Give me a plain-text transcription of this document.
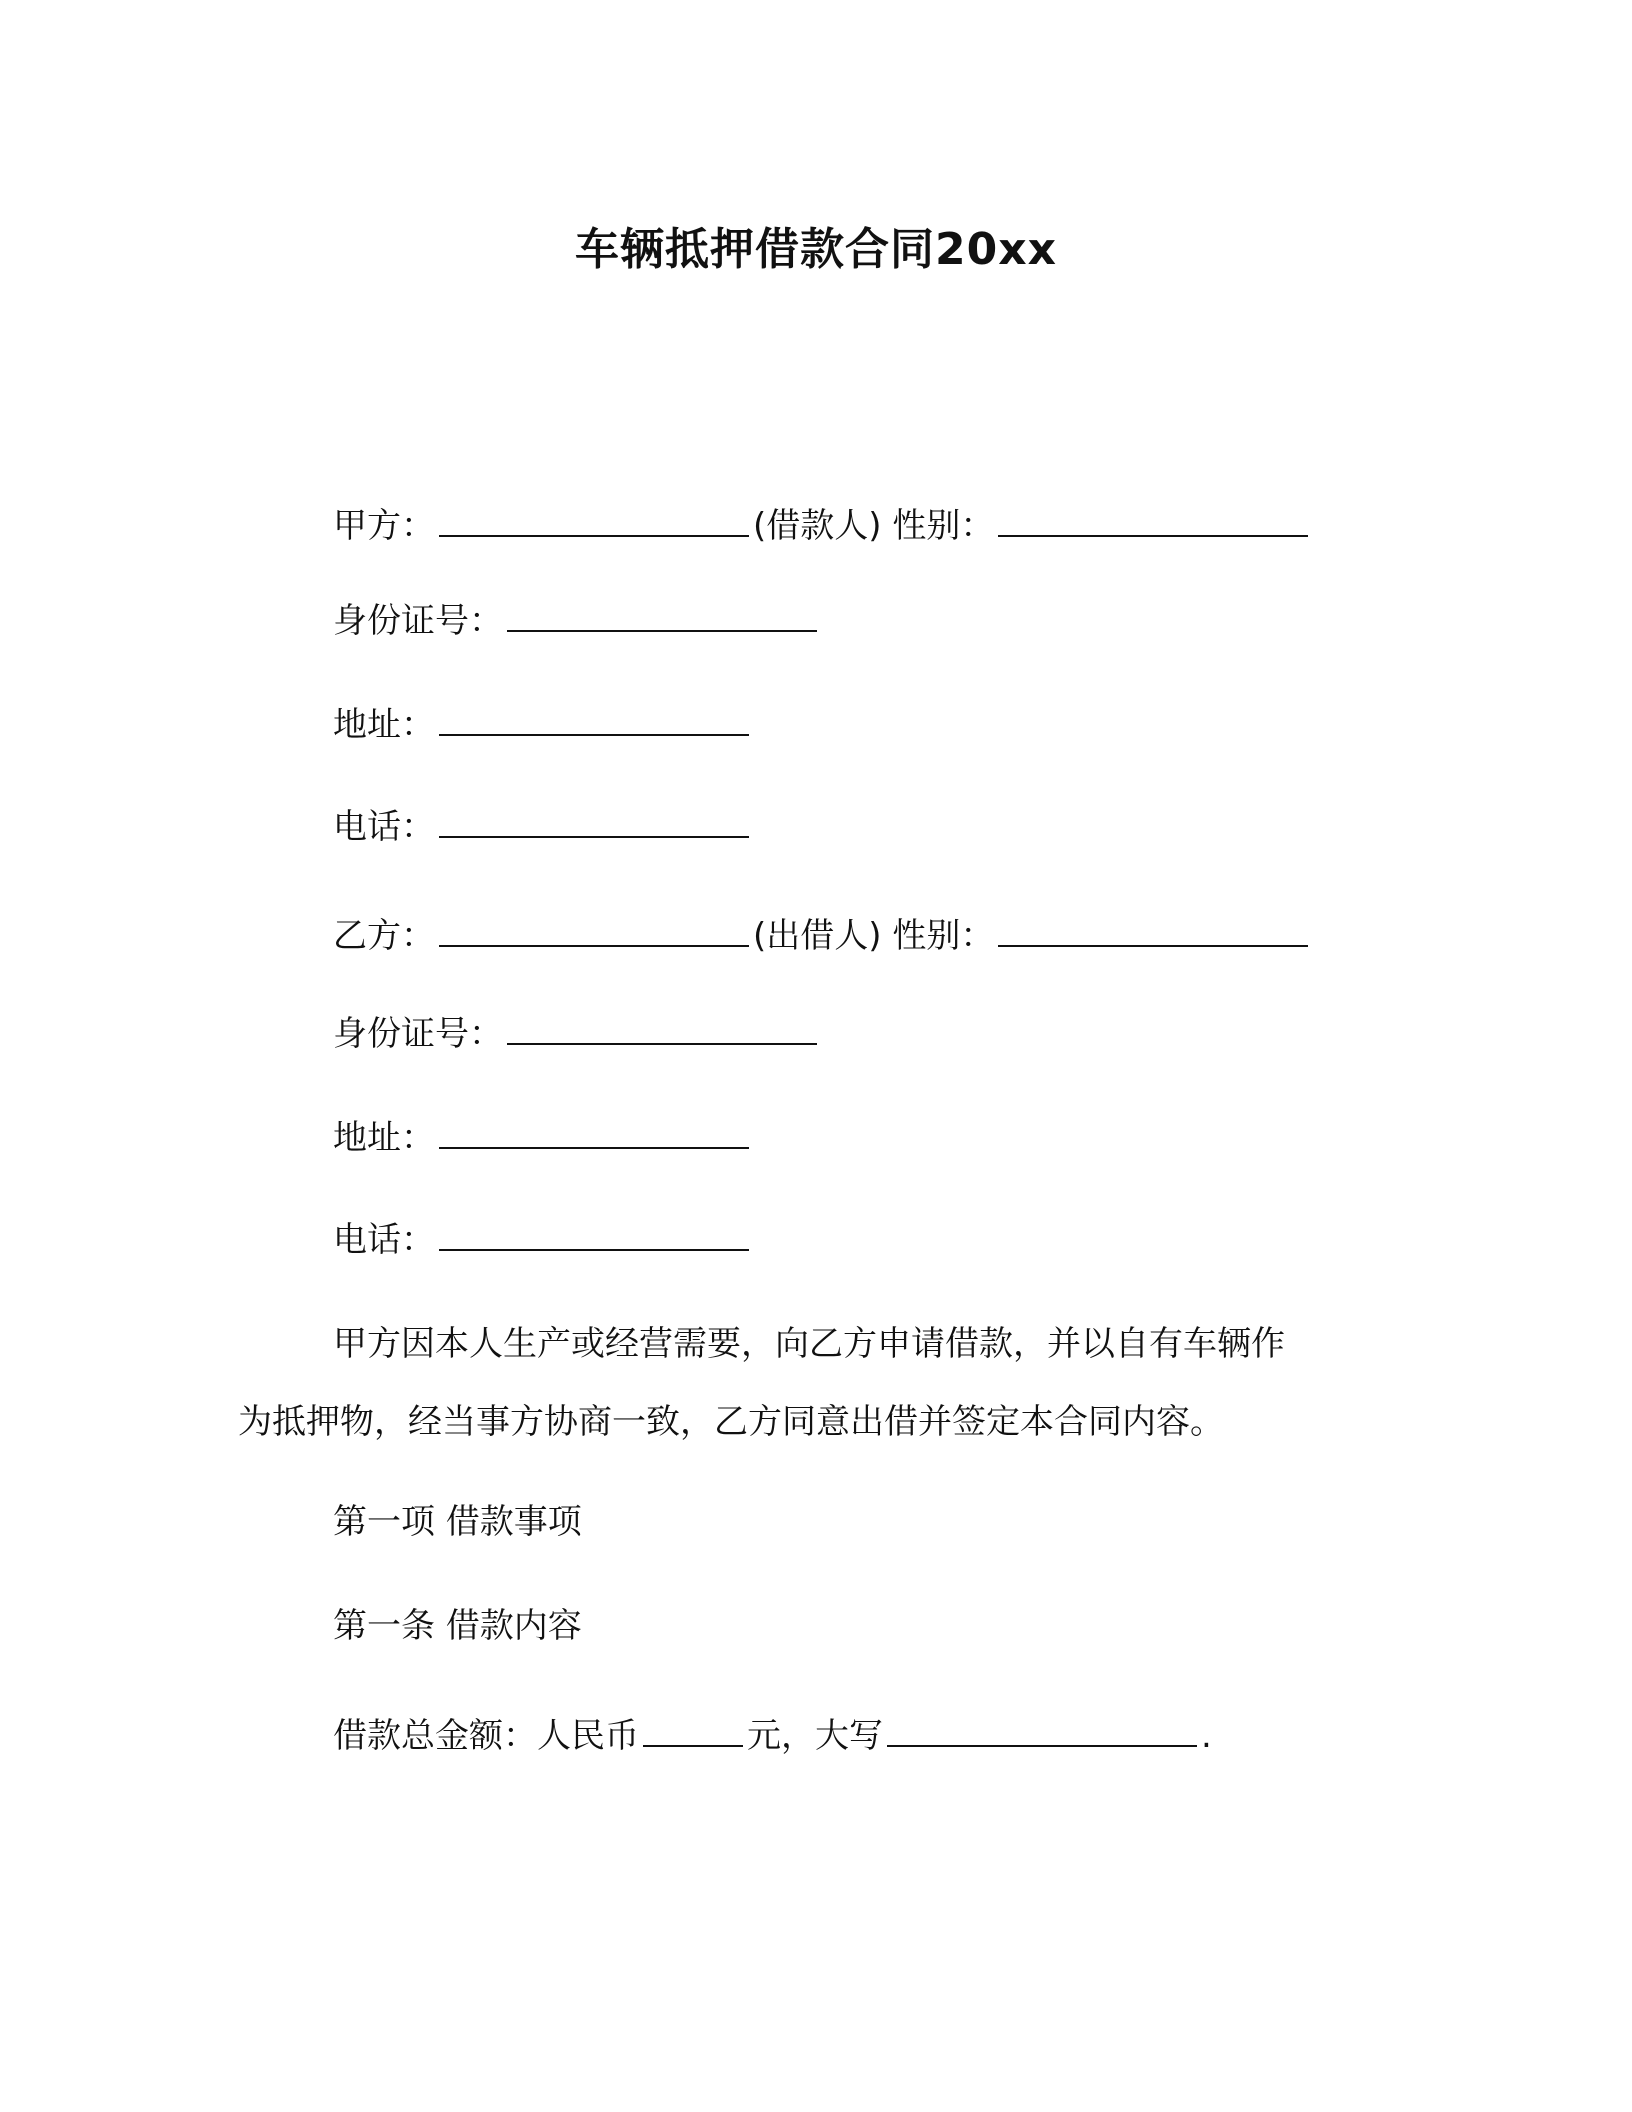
车辆抵押借款合同20xx
甲方：	(借款人) 性别：
身份证号：
地址：
电话：
乙方：	(出借人) 性别：
身份证号：
地址：
电话：
甲方因本人生产或经营需要，向乙方申请借款，并以自有车辆作
为抵押物，经当事方协商一致，乙方同意出借并签定本合同内容。
第一项 借款事项
第一条 借款内容
借款总金额：人民币	元，大写	.
